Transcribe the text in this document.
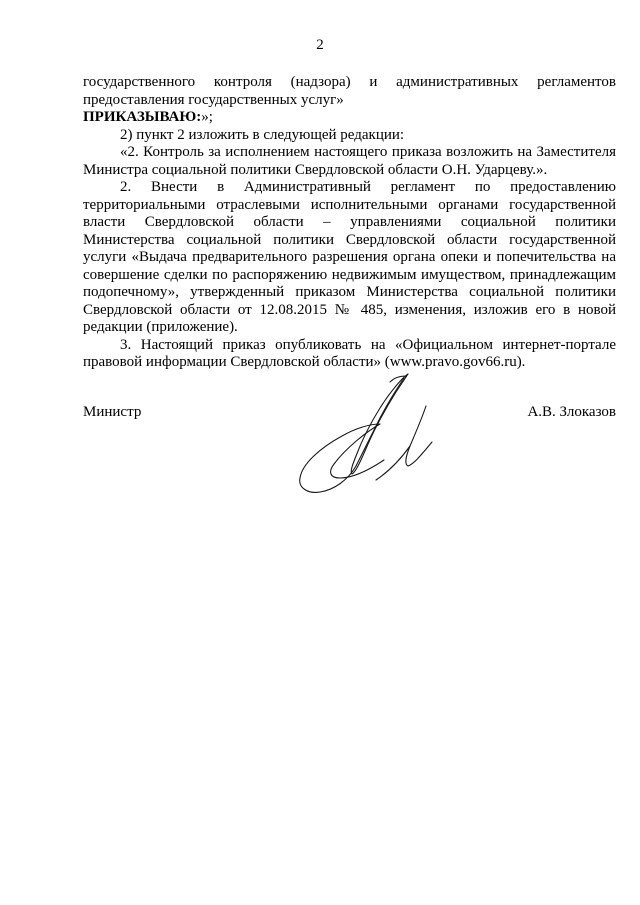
2

государственного контроля (надзора) и административных регламентов предоставления государственных услуг»

ПРИКАЗЫВАЮ:»;

2) пункт 2 изложить в следующей редакции:

«2. Контроль за исполнением настоящего приказа возложить на Заместителя Министра социальной политики Свердловской области О.Н. Ударцеву.».

2. Внести в Административный регламент по предоставлению территориальными отраслевыми исполнительными органами государственной власти Свердловской области – управлениями социальной политики Министерства социальной политики Свердловской области государственной услуги «Выдача предварительного разрешения органа опеки и попечительства на совершение сделки по распоряжению недвижимым имуществом, принадлежащим подопечному», утвержденный приказом Министерства социальной политики Свердловской области от 12.08.2015 № 485, изменения, изложив его в новой редакции (приложение).

3. Настоящий приказ опубликовать на «Официальном интернет-портале правовой информации Свердловской области» (www.pravo.gov66.ru).

Министр	А.В. Злоказов
